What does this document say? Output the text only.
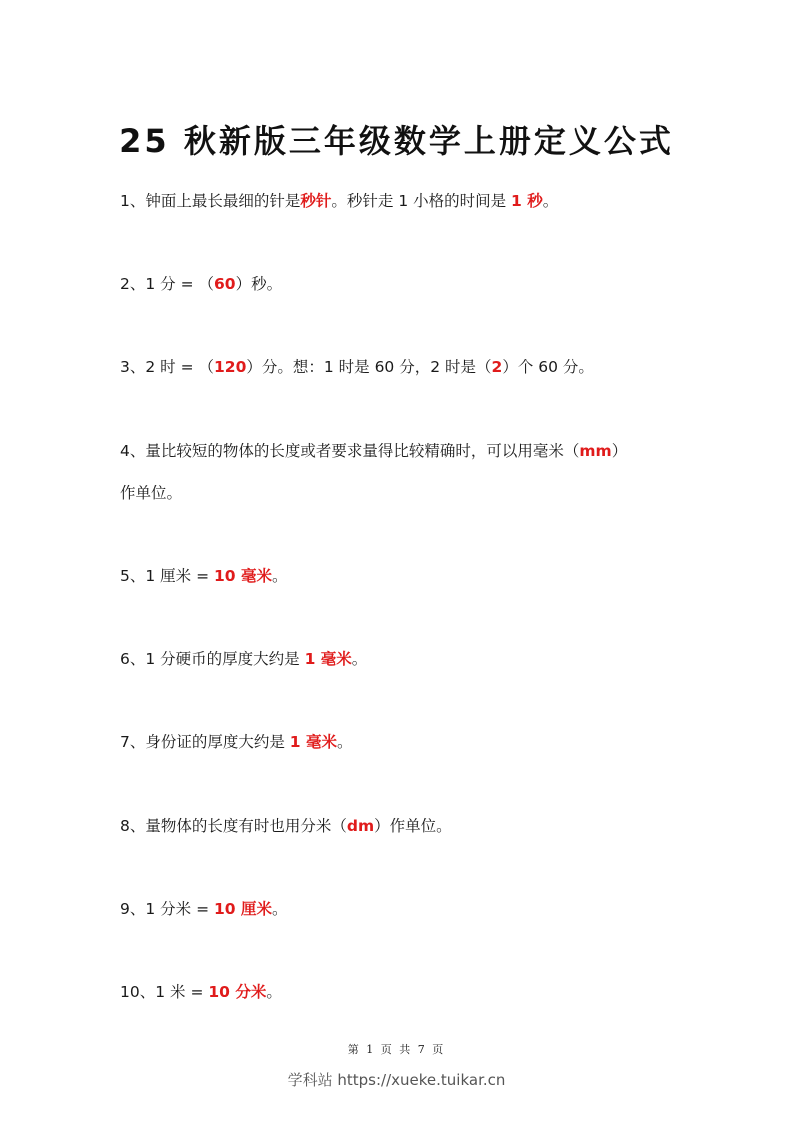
25 秋新版三年级数学上册定义公式
1、钟面上最长最细的针是秒针。秒针走 1 小格的时间是 1 秒。
2、1 分 = （60）秒。
3、2 时 = （120）分。想：1 时是 60 分，2 时是（2）个 60 分。
4、量比较短的物体的长度或者要求量得比较精确时，可以用毫米（mm）
作单位。
5、1 厘米 = 10 毫米。
6、1 分硬币的厚度大约是 1 毫米。
7、身份证的厚度大约是 1 毫米。
8、量物体的长度有时也用分米（dm）作单位。
9、1 分米 = 10 厘米。
10、1 米 = 10 分米。
第 1 页 共 7 页
学科站 https://xueke.tuikar.cn
